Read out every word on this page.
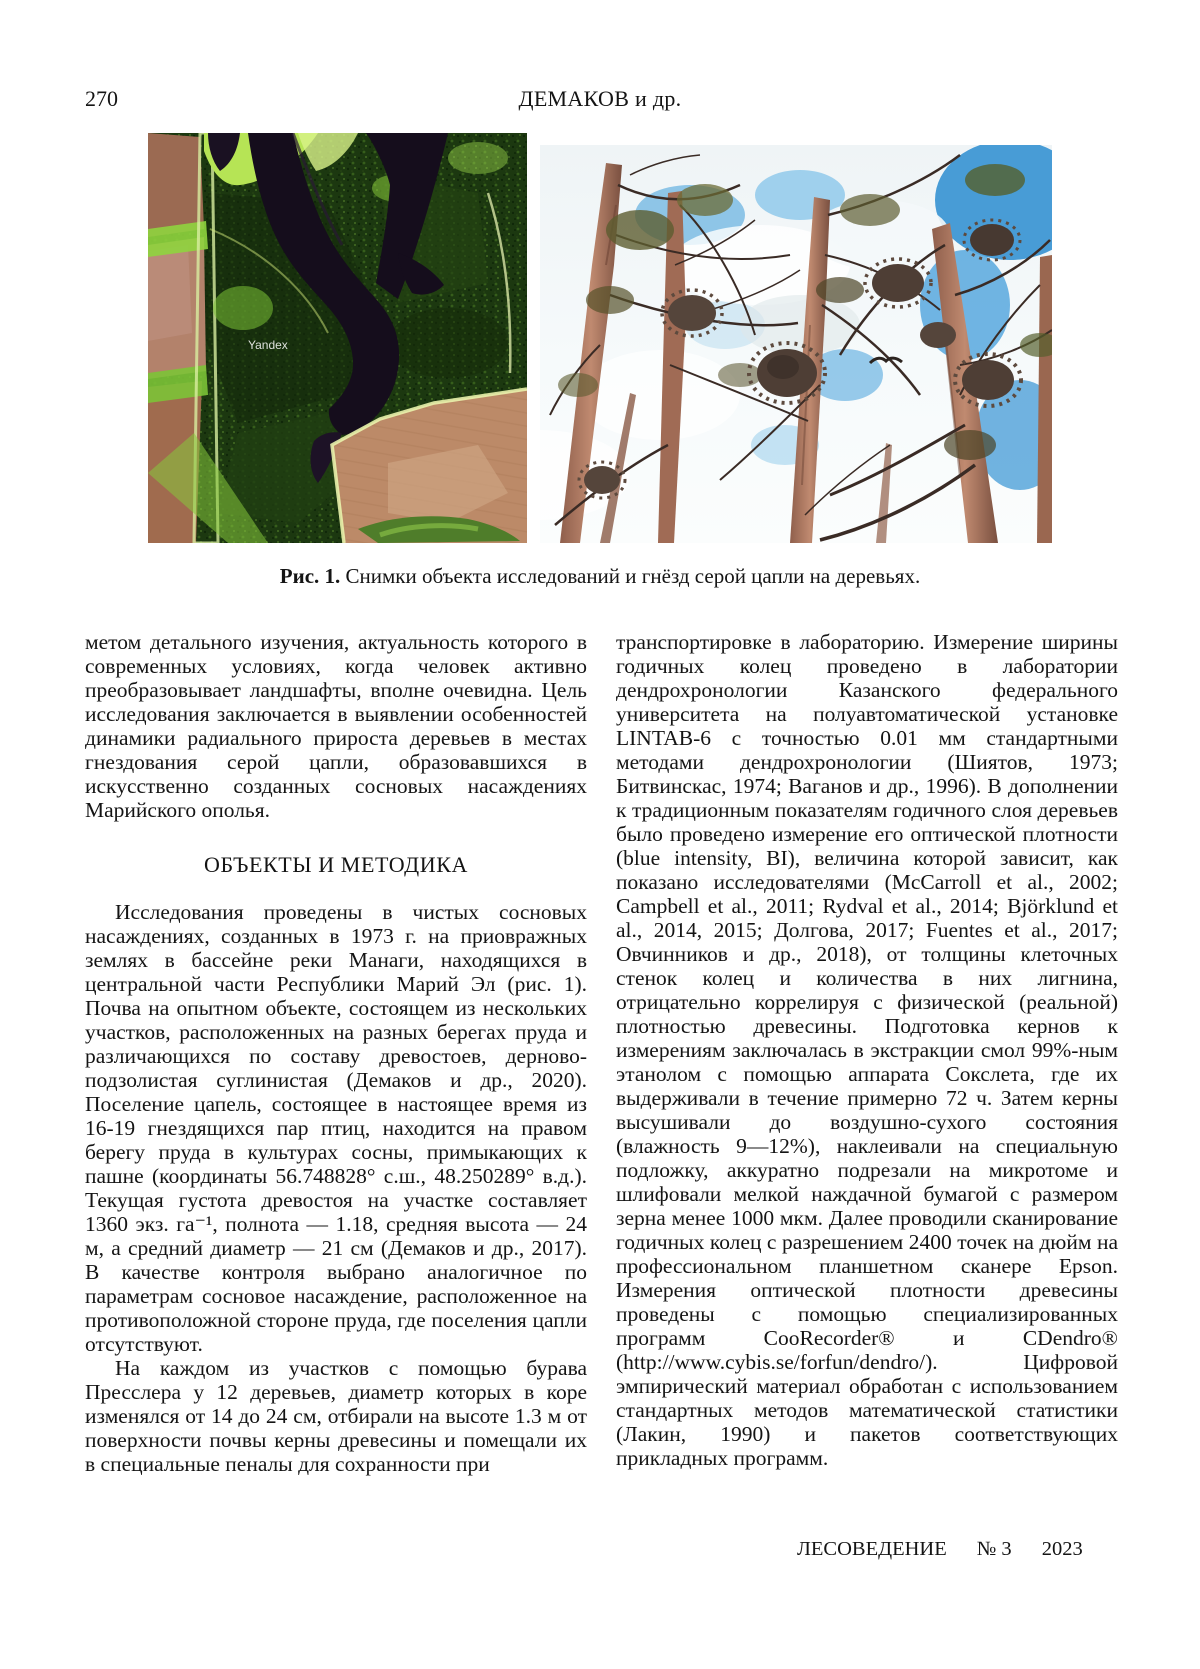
270	ДЕМАКОВ и др.
Yandex
Рис. 1. Снимки объекта исследований и гнёзд серой цапли на деревьях.

метом детального изучения, актуальность которого в современных условиях, когда человек активно преобразовывает ландшафты, вполне очевидна. Цель исследования заключается в выявлении особенностей динамики радиального прироста деревьев в местах гнездования серой цапли, образовавшихся в искусственно созданных сосновых насаждениях Марийского ополья.

ОБЪЕКТЫ И МЕТОДИКА

Исследования проведены в чистых сосновых насаждениях, созданных в 1973 г. на приовражных землях в бассейне реки Манаги, находящихся в центральной части Республики Марий Эл (рис. 1). Почва на опытном объекте, состоящем из нескольких участков, расположенных на разных берегах пруда и различающихся по составу древостоев, дерново-подзолистая суглинистая (Демаков и др., 2020). Поселение цапель, состоящее в настоящее время из 16-19 гнездящихся пар птиц, находится на правом берегу пруда в культурах сосны, примыкающих к пашне (координаты 56.748828° с.ш., 48.250289° в.д.). Текущая густота древостоя на участке составляет 1360 экз. га⁻¹, полнота — 1.18, средняя высота — 24 м, а средний диаметр — 21 см (Демаков и др., 2017). В качестве контроля выбрано аналогичное по параметрам сосновое насаждение, расположенное на противоположной стороне пруда, где поселения цапли отсутствуют.

На каждом из участков с помощью бурава Пресслера у 12 деревьев, диаметр которых в коре изменялся от 14 до 24 см, отбирали на высоте 1.3 м от поверхности почвы керны древесины и помещали их в специальные пеналы для сохранности при

транспортировке в лабораторию. Измерение ширины годичных колец проведено в лаборатории дендрохронологии Казанского федерального университета на полуавтоматической установке LINTAB-6 с точностью 0.01 мм стандартными методами дендрохронологии (Шиятов, 1973; Битвинскас, 1974; Ваганов и др., 1996). В дополнении к традиционным показателям годичного слоя деревьев было проведено измерение его оптической плотности (blue intensity, BI), величина которой зависит, как показано исследователями (McCarroll et al., 2002; Campbell et al., 2011; Rydval et al., 2014; Björklund et al., 2014, 2015; Долгова, 2017; Fuentes et al., 2017; Овчинников и др., 2018), от толщины клеточных стенок колец и количества в них лигнина, отрицательно коррелируя с физической (реальной) плотностью древесины. Подготовка кернов к измерениям заключалась в экстракции смол 99%-ным этанолом с помощью аппарата Сокслета, где их выдерживали в течение примерно 72 ч. Затем керны высушивали до воздушно-сухого состояния (влажность 9—12%), наклеивали на специальную подложку, аккуратно подрезали на микротоме и шлифовали мелкой наждачной бумагой с размером зерна менее 1000 мкм. Далее проводили сканирование годичных колец с разрешением 2400 точек на дюйм на профессиональном планшетном сканере Epson. Измерения оптической плотности древесины проведены с помощью специализированных программ CooRecorder® и CDendro® (http://www.cybis.se/forfun/dendro/). Цифровой эмпирический материал обработан с использованием стандартных методов математической статистики (Лакин, 1990) и пакетов соответствующих прикладных программ.

ЛЕСОВЕДЕНИЕ № 3 2023
